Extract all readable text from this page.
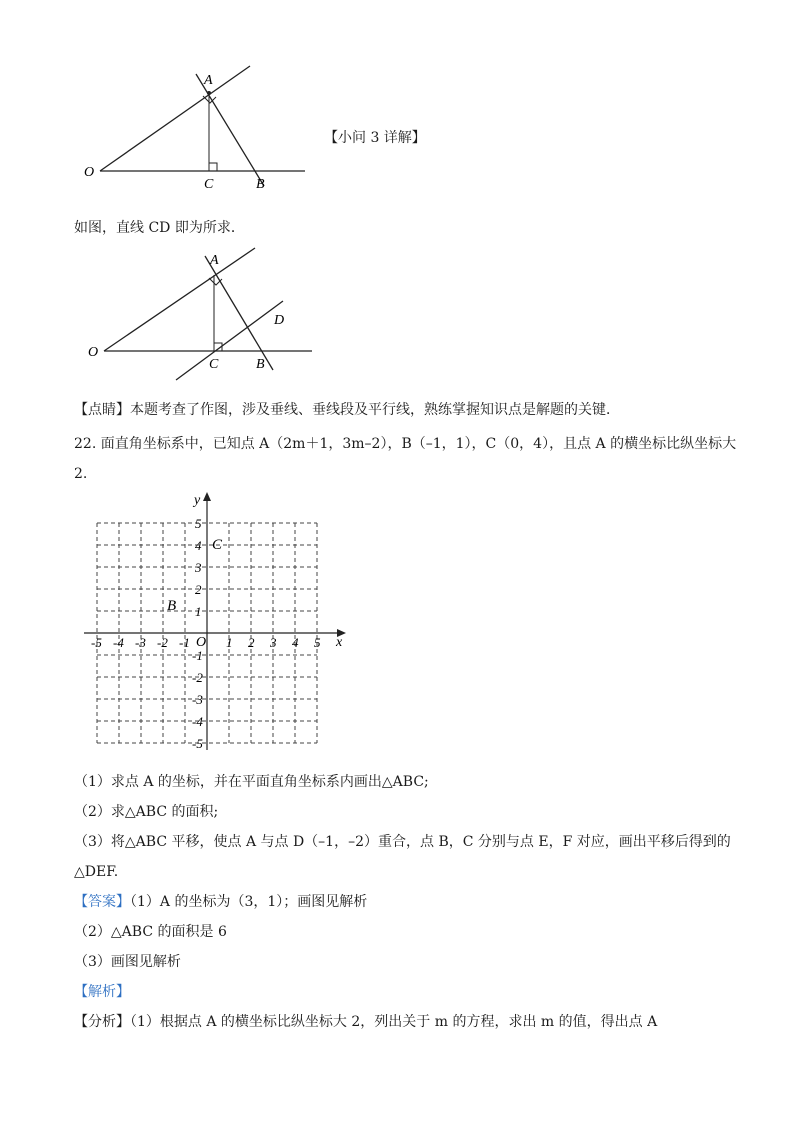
A
O
C	B
【小问 3 详解】
如图，直线 CD 即为所求．
A
O
C	B
D
【点睛】本题考查了作图，涉及垂线、垂线段及平行线，熟练掌握知识点是解题的关键．
22. 面直角坐标系中，已知点 A（2m＋1，3m–2），B（–1，1），C（0，4），且点 A 的横坐标比纵坐标大
2.
x
y
O
B
C
-5 -4 -3 -2 -1	1 2 3 4 5
5
4
3
2
1
-1
-2
-3
-4
-5
（1）求点 A 的坐标，并在平面直角坐标系内画出△ABC;
（2）求△ABC 的面积;
（3）将△ABC 平移，使点 A 与点 D（–1，–2）重合，点 B，C 分别与点 E，F 对应，画出平移后得到的
△DEF.
【答案】（1）A 的坐标为（3，1）；画图见解析
（2）△ABC 的面积是 6
（3）画图见解析
【解析】
【分析】（1）根据点 A 的横坐标比纵坐标大 2，列出关于 m 的方程，求出 m 的值，得出点 A
